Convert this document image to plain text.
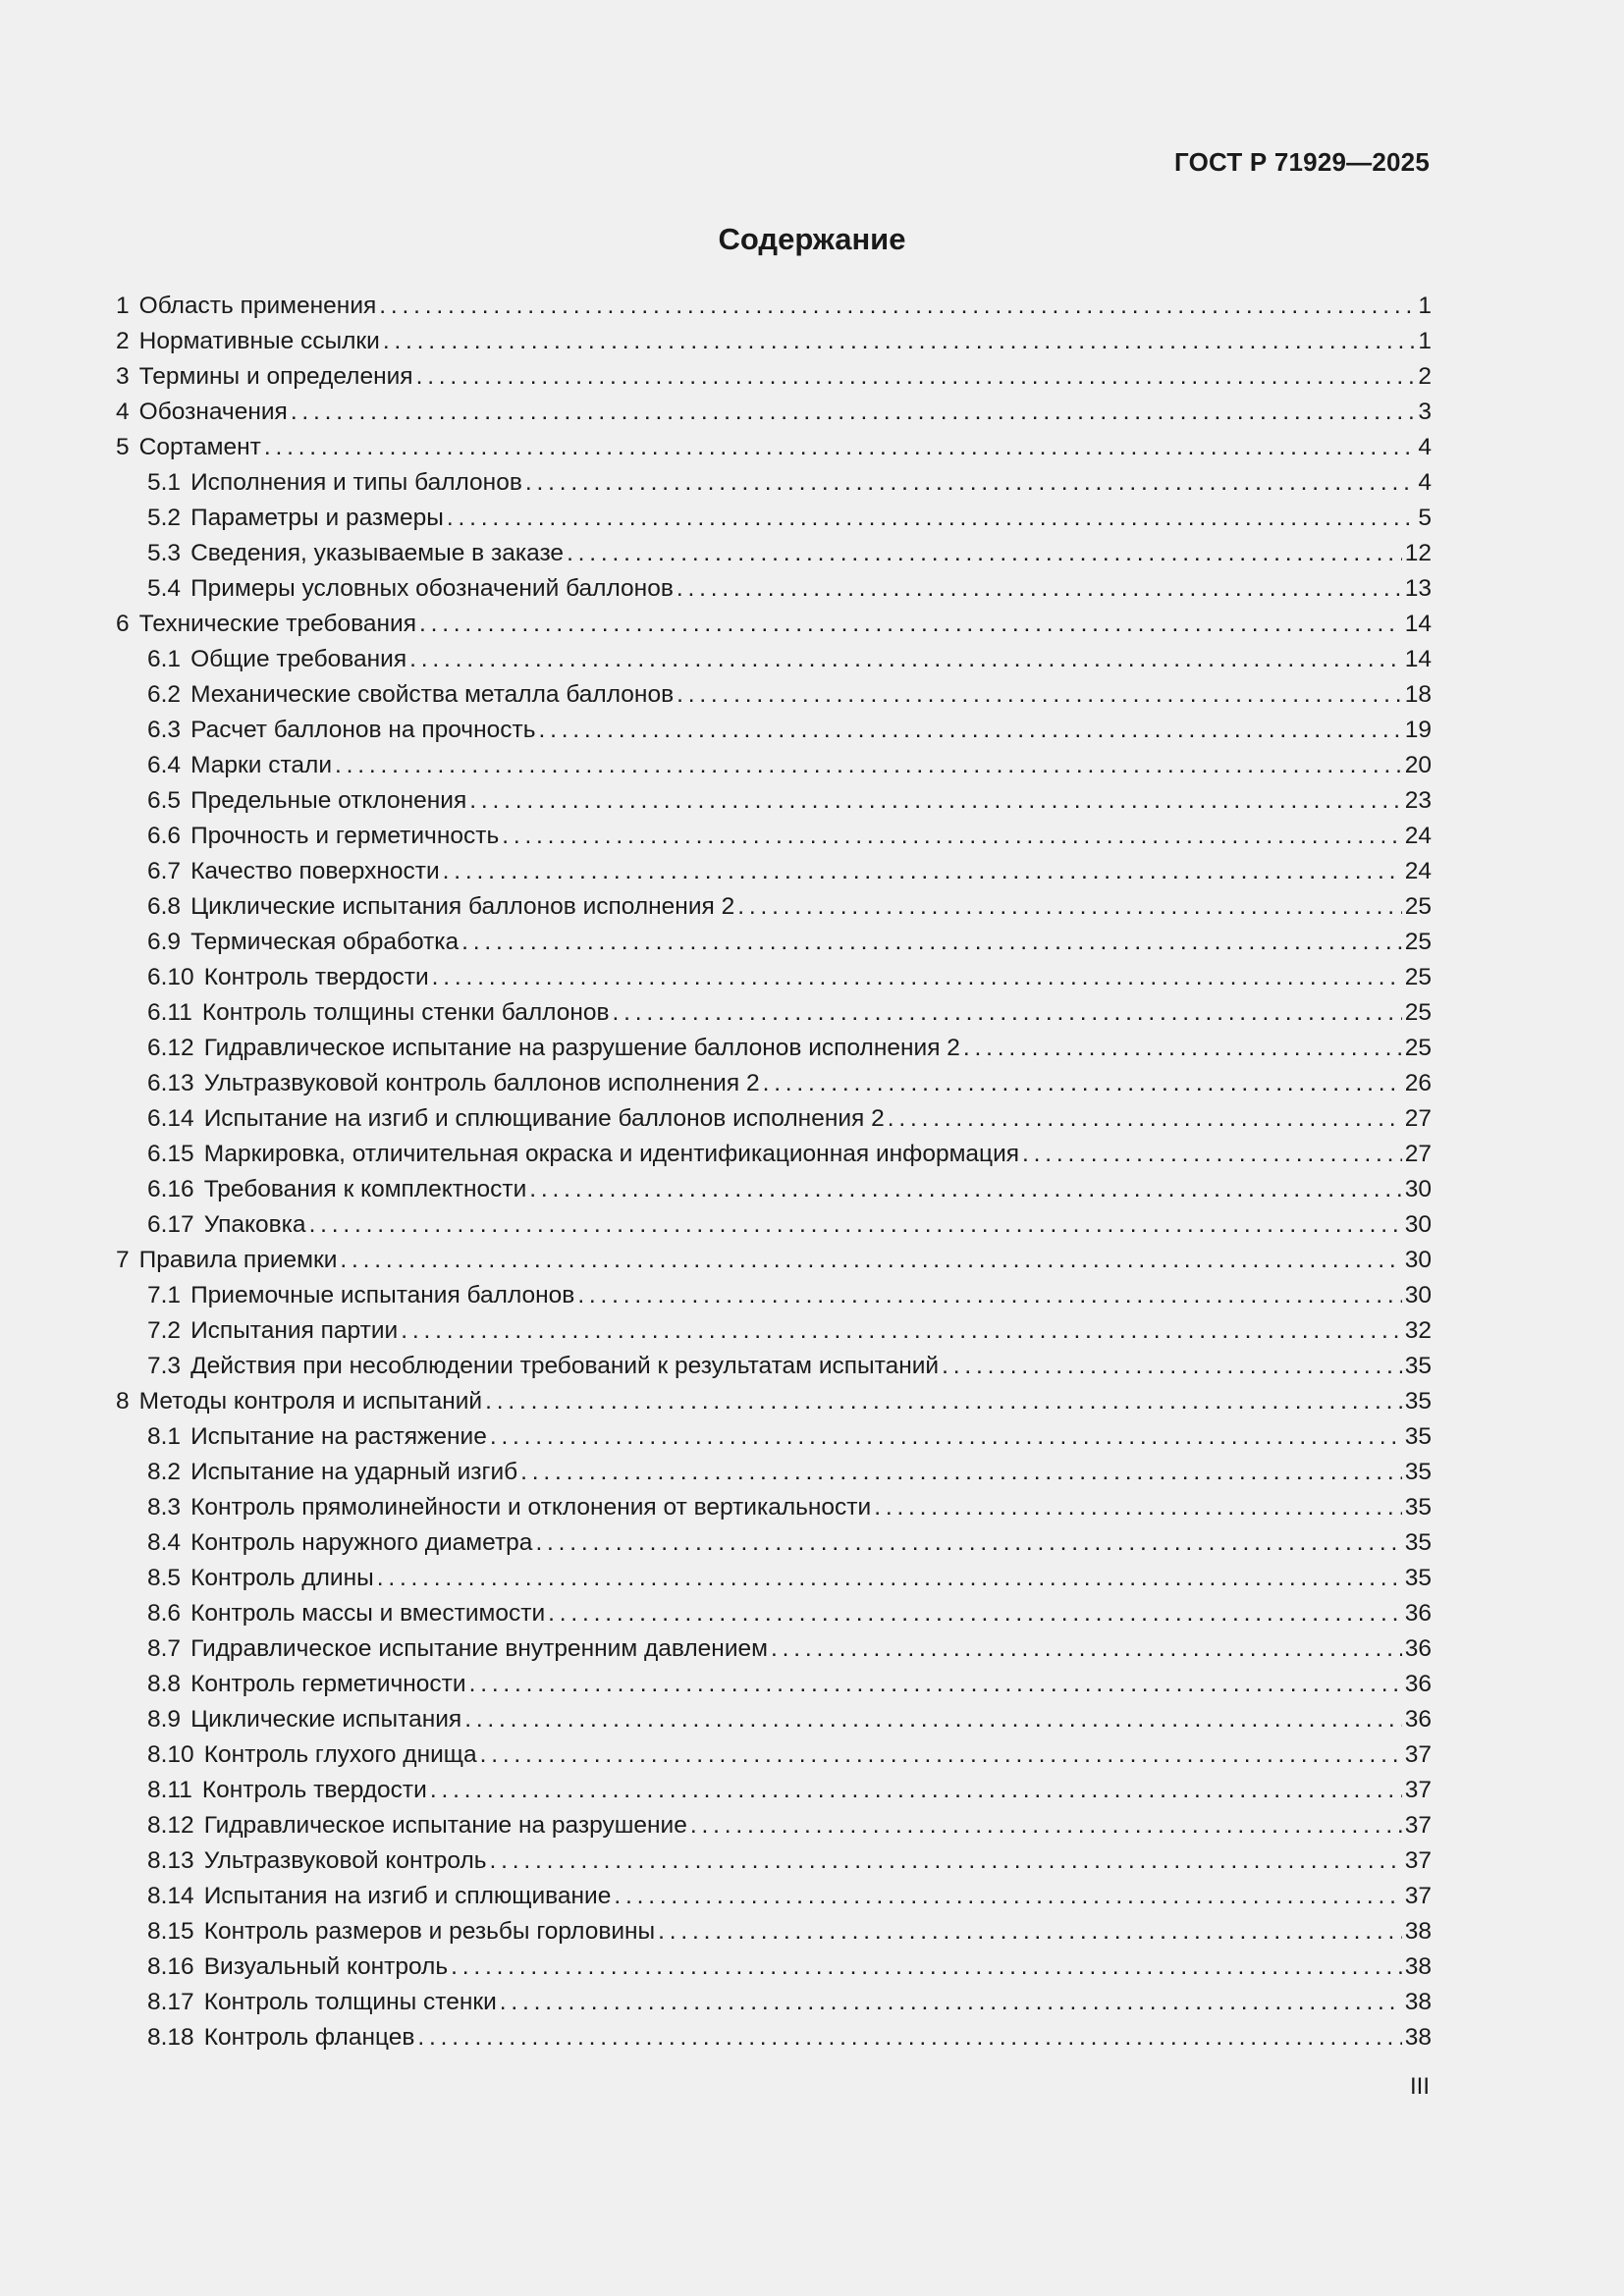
ГОСТ Р 71929—2025
Содержание
1 Область применения . . .	1
2 Нормативные ссылки . . .	1
3 Термины и определения . . .	2
4 Обозначения . . .	3
5 Сортамент . . .	4
5.1 Исполнения и типы баллонов . . .	4
5.2 Параметры и размеры . . .	5
5.3 Сведения, указываемые в заказе . . .	12
5.4 Примеры условных обозначений баллонов . . .	13
6 Технические требования . . .	14
6.1 Общие требования . . .	14
6.2 Механические свойства металла баллонов . . .	18
6.3 Расчет баллонов на прочность . . .	19
6.4 Марки стали . . .	20
6.5 Предельные отклонения . . .	23
6.6 Прочность и герметичность . . .	24
6.7 Качество поверхности . . .	24
6.8 Циклические испытания баллонов исполнения 2 . . .	25
6.9 Термическая обработка . . .	25
6.10 Контроль твердости . . .	25
6.11 Контроль толщины стенки баллонов . . .	25
6.12 Гидравлическое испытание на разрушение баллонов исполнения 2 . . .	25
6.13 Ультразвуковой контроль баллонов исполнения 2 . . .	26
6.14 Испытание на изгиб и сплющивание баллонов исполнения 2 . . .	27
6.15 Маркировка, отличительная окраска и идентификационная информация . . .	27
6.16 Требования к комплектности . . .	30
6.17 Упаковка . . .	30
7 Правила приемки . . .	30
7.1 Приемочные испытания баллонов . . .	30
7.2 Испытания партии . . .	32
7.3 Действия при несоблюдении требований к результатам испытаний . . .	35
8 Методы контроля и испытаний . . .	35
8.1 Испытание на растяжение . . .	35
8.2 Испытание на ударный изгиб . . .	35
8.3 Контроль прямолинейности и отклонения от вертикальности . . .	35
8.4 Контроль наружного диаметра . . .	35
8.5 Контроль длины . . .	35
8.6 Контроль массы и вместимости . . .	36
8.7 Гидравлическое испытание внутренним давлением . . .	36
8.8 Контроль герметичности . . .	36
8.9 Циклические испытания . . .	36
8.10 Контроль глухого днища . . .	37
8.11 Контроль твердости . . .	37
8.12 Гидравлическое испытание на разрушение . . .	37
8.13 Ультразвуковой контроль . . .	37
8.14 Испытания на изгиб и сплющивание . . .	37
8.15 Контроль размеров и резьбы горловины . . .	38
8.16 Визуальный контроль . . .	38
8.17 Контроль толщины стенки . . .	38
8.18 Контроль фланцев . . .	38
III
